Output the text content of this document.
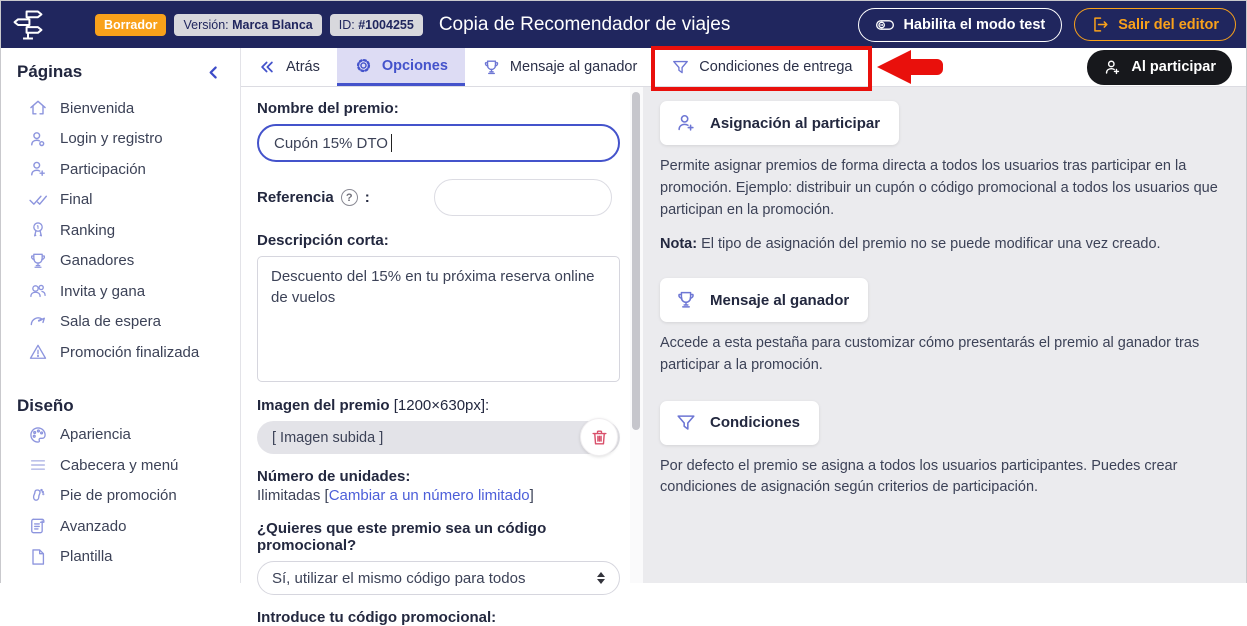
Borrador	Versión: Marca Blanca	ID: #1004255	Copia de Recomendador de viajes	Habilita el modo test	Salir del editor
Páginas
Bienvenida
Login y registro
Participación
Final
Ranking
Ganadores
Invita y gana
Sala de espera
Promoción finalizada
Diseño
Apariencia
Cabecera y menú
Pie de promoción
Avanzado
Plantilla
Atrás	Opciones	Mensaje al ganador	Condiciones de entrega	Al participar
Nombre del premio:
Cupón 15% DTO
Referencia	? :
Descripción corta:
Descuento del 15% en tu próxima reserva online de vuelos
Imagen del premio [1200×630px]:
[ Imagen subida ]
Número de unidades:
Ilimitadas [Cambiar a un número limitado]
¿Quieres que este premio sea un código promocional?
Sí, utilizar el mismo código para todos
Introduce tu código promocional:
Asignación al participar

Permite asignar premios de forma directa a todos los usuarios tras participar en la promoción. Ejemplo: distribuir un cupón o código promocional a todos los usuarios que participan en la promoción.

Nota: El tipo de asignación del premio no se puede modificar una vez creado.

Mensaje al ganador

Accede a esta pestaña para customizar cómo presentarás el premio al ganador tras participar a la promoción.

Condiciones

Por defecto el premio se asigna a todos los usuarios participantes. Puedes crear condiciones de asignación según criterios de participación.
